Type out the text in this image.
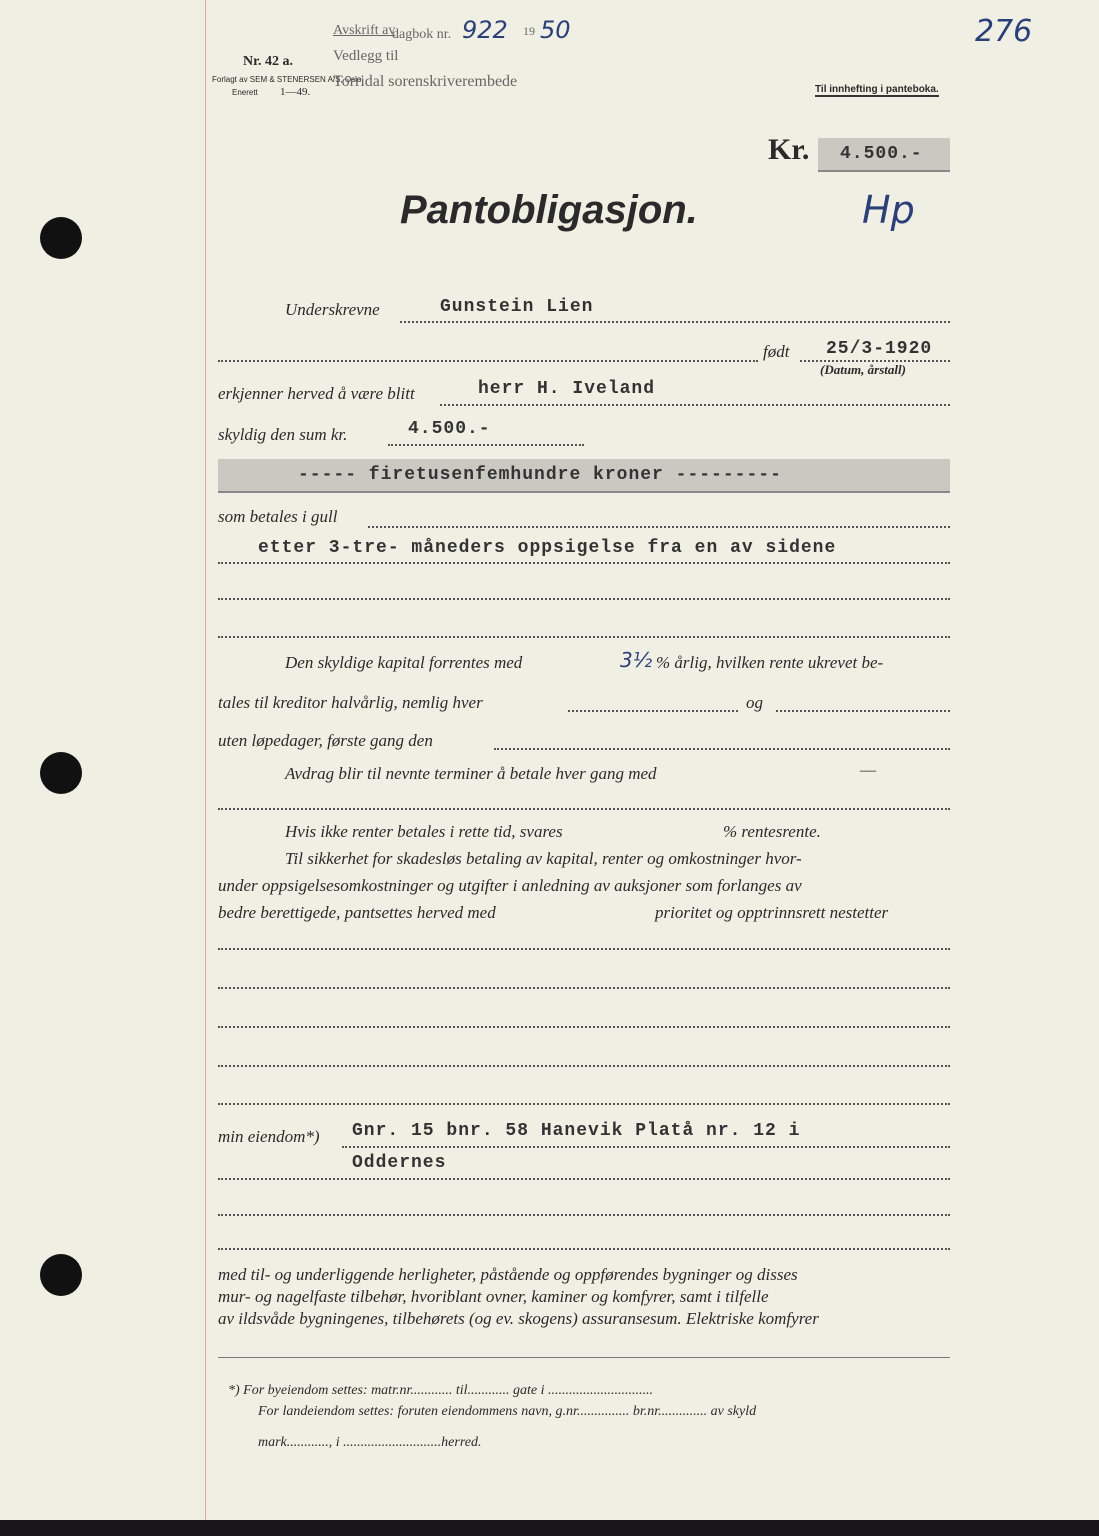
Nr. 42 a.
Forlagt av SEM & STENERSEN A/S, Oslo
Enerett 1—49.
Avskrift av
dagbok nr. 922 19 50
Vedlegg til
Torridal sorenskriverembede	Til innhefting i panteboka.
276
Kr. 4.500.-
Pantobligasjon.	Hp
Underskrevne	Gunstein Lien
født 25/3-1920
(Datum, årstall)
erkjenner herved å være blitt	herr H. Iveland
skyldig den sum kr.	4.500.-
----- firetusenfemhundre kroner ---------
som betales i gull
etter 3-tre- måneders oppsigelse fra en av sidene
Den skyldige kapital forrentes med	3½ % årlig, hvilken rente ukrevet be-
tales til kreditor halvårlig, nemlig hver	og
uten løpedager, første gang den
Avdrag blir til nevnte terminer å betale hver gang med	—
Hvis ikke renter betales i rette tid, svares	% rentesrente.
Til sikkerhet for skadesløs betaling av kapital, renter og omkostninger hvor-
under oppsigelsesomkostninger og utgifter i anledning av auksjoner som forlanges av
bedre berettigede, pantsettes herved med	prioritet og opptrinnsrett nestetter
min eiendom*) Gnr. 15 bnr. 58 Hanevik Platå nr. 12 i
Oddernes
med til- og underliggende herligheter, påstående og oppførendes bygninger og disses
mur- og nagelfaste tilbehør, hvoriblant ovner, kaminer og komfyrer, samt i tilfelle
av ildsvåde bygningenes, tilbehørets (og ev. skogens) assuransesum. Elektriske komfyrer
*) For byeiendom settes: matr.nr............ til............ gate i ..............................
For landeiendom settes: foruten eiendommens navn, g.nr............... br.nr.............. av skyld
mark............, i ............................herred.
